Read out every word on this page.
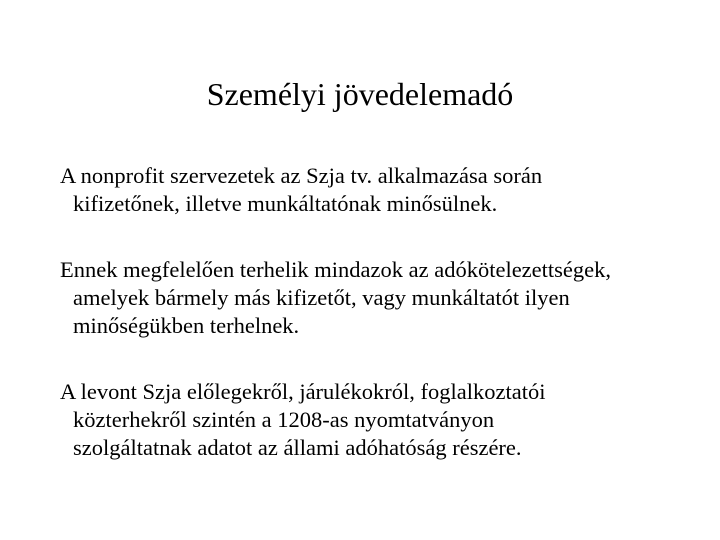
Személyi jövedelemadó
A nonprofit szervezetek az Szja tv. alkalmazása során
kifizetőnek, illetve munkáltatónak minősülnek.
Ennek megfelelően terhelik mindazok az adókötelezettségek,
amelyek bármely más kifizetőt, vagy munkáltatót ilyen
minőségükben terhelnek.
A levont Szja előlegekről, járulékokról, foglalkoztatói
közterhekről szintén a 1208-as nyomtatványon
szolgáltatnak adatot az állami adóhatóság részére.
